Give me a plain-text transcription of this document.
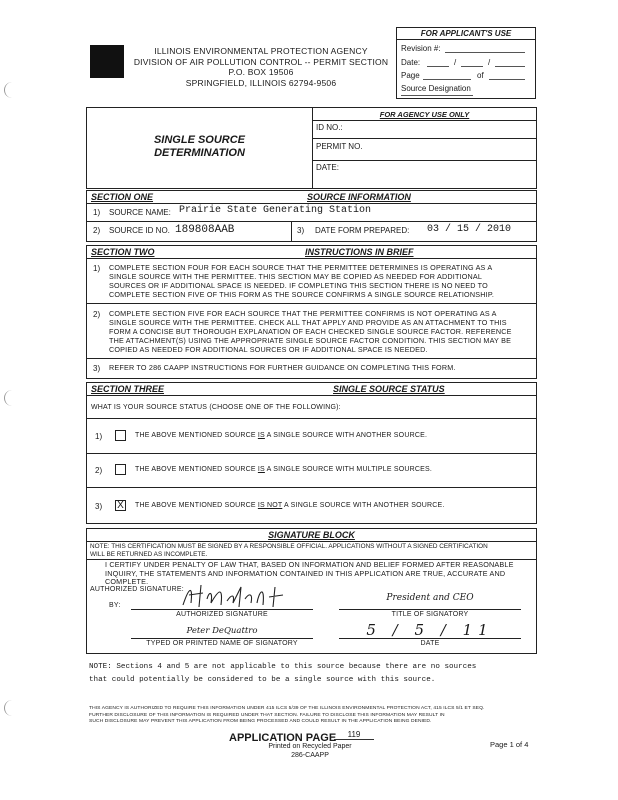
ILLINOIS ENVIRONMENTAL PROTECTION AGENCY
DIVISION OF AIR POLLUTION CONTROL -- PERMIT SECTION
P.O. BOX 19506
SPRINGFIELD, ILLINOIS 62794-9506
FOR APPLICANT'S USE
Revision #:
Date:	/	/
Page	of
Source Designation
SINGLE SOURCE
DETERMINATION
FOR AGENCY USE ONLY
ID NO.:
PERMIT NO.
DATE:
SECTION ONE	SOURCE INFORMATION
1) SOURCE NAME: Prairie State Generating Station
2) SOURCE ID NO. 189808AAB	3) DATE FORM PREPARED: 03 / 15 / 2010
SECTION TWO	INSTRUCTIONS IN BRIEF
1) COMPLETE SECTION FOUR FOR EACH SOURCE THAT THE PERMITTEE DETERMINES IS OPERATING AS A
SINGLE SOURCE WITH THE PERMITTEE. THIS SECTION MAY BE COPIED AS NEEDED FOR ADDITIONAL
SOURCES OR IF ADDITIONAL SPACE IS NEEDED. IF COMPLETING THIS SECTION THERE IS NO NEED TO
COMPLETE SECTION FIVE OF THIS FORM AS THE SOURCE CONFIRMS A SINGLE SOURCE RELATIONSHIP.
2) COMPLETE SECTION FIVE FOR EACH SOURCE THAT THE PERMITTEE CONFIRMS IS NOT OPERATING AS A
SINGLE SOURCE WITH THE PERMITTEE. CHECK ALL THAT APPLY AND PROVIDE AS AN ATTACHMENT TO THIS
FORM A CONCISE BUT THOROUGH EXPLANATION OF EACH CHECKED SINGLE SOURCE FACTOR. REFERENCE
THE ATTACHMENT(S) USING THE APPROPRIATE SINGLE SOURCE FACTOR CONDITION. THIS SECTION MAY BE
COPIED AS NEEDED FOR ADDITIONAL SOURCES OR IF ADDITIONAL SPACE IS NEEDED.
3) REFER TO 286 CAAPP INSTRUCTIONS FOR FURTHER GUIDANCE ON COMPLETING THIS FORM.
SECTION THREE	SINGLE SOURCE STATUS
WHAT IS YOUR SOURCE STATUS (CHOOSE ONE OF THE FOLLOWING):
1)	THE ABOVE MENTIONED SOURCE IS A SINGLE SOURCE WITH ANOTHER SOURCE.
2)	THE ABOVE MENTIONED SOURCE IS A SINGLE SOURCE WITH MULTIPLE SOURCES.
3) X	THE ABOVE MENTIONED SOURCE IS NOT A SINGLE SOURCE WITH ANOTHER SOURCE.
SIGNATURE BLOCK
NOTE: THIS CERTIFICATION MUST BE SIGNED BY A RESPONSIBLE OFFICIAL. APPLICATIONS WITHOUT A SIGNED CERTIFICATION
WILL BE RETURNED AS INCOMPLETE.
I CERTIFY UNDER PENALTY OF LAW THAT, BASED ON INFORMATION AND BELIEF FORMED AFTER REASONABLE
INQUIRY, THE STATEMENTS AND INFORMATION CONTAINED IN THIS APPLICATION ARE TRUE, ACCURATE AND
COMPLETE.
AUTHORIZED SIGNATURE:
BY:
AUTHORIZED SIGNATURE
President and CEO
TITLE OF SIGNATORY
Peter DeQuattro
TYPED OR PRINTED NAME OF SIGNATORY
5 / 5 / 11
DATE
NOTE: Sections 4 and 5 are not applicable to this source because there are no sources
that could potentially be considered to be a single source with this source.
THIS AGENCY IS AUTHORIZED TO REQUIRE THIS INFORMATION UNDER 415 ILCS 5/39 OF THE ILLINOIS ENVIRONMENTAL PROTECTION ACT, 415 ILCS 5/1 ET SEQ.
FURTHER DISCLOSURE OF THIS INFORMATION IS REQUIRED UNDER THAT SECTION. FAILURE TO DISCLOSE THIS INFORMATION MAY RESULT IN
SUCH DISCLOSURE MAY PREVENT THIS APPLICATION FROM BEING PROCESSED AND COULD RESULT IN THE APPLICATION BEING DENIED.
APPLICATION PAGE	119
Printed on Recycled Paper
286-CAAPP
Page 1 of 4
